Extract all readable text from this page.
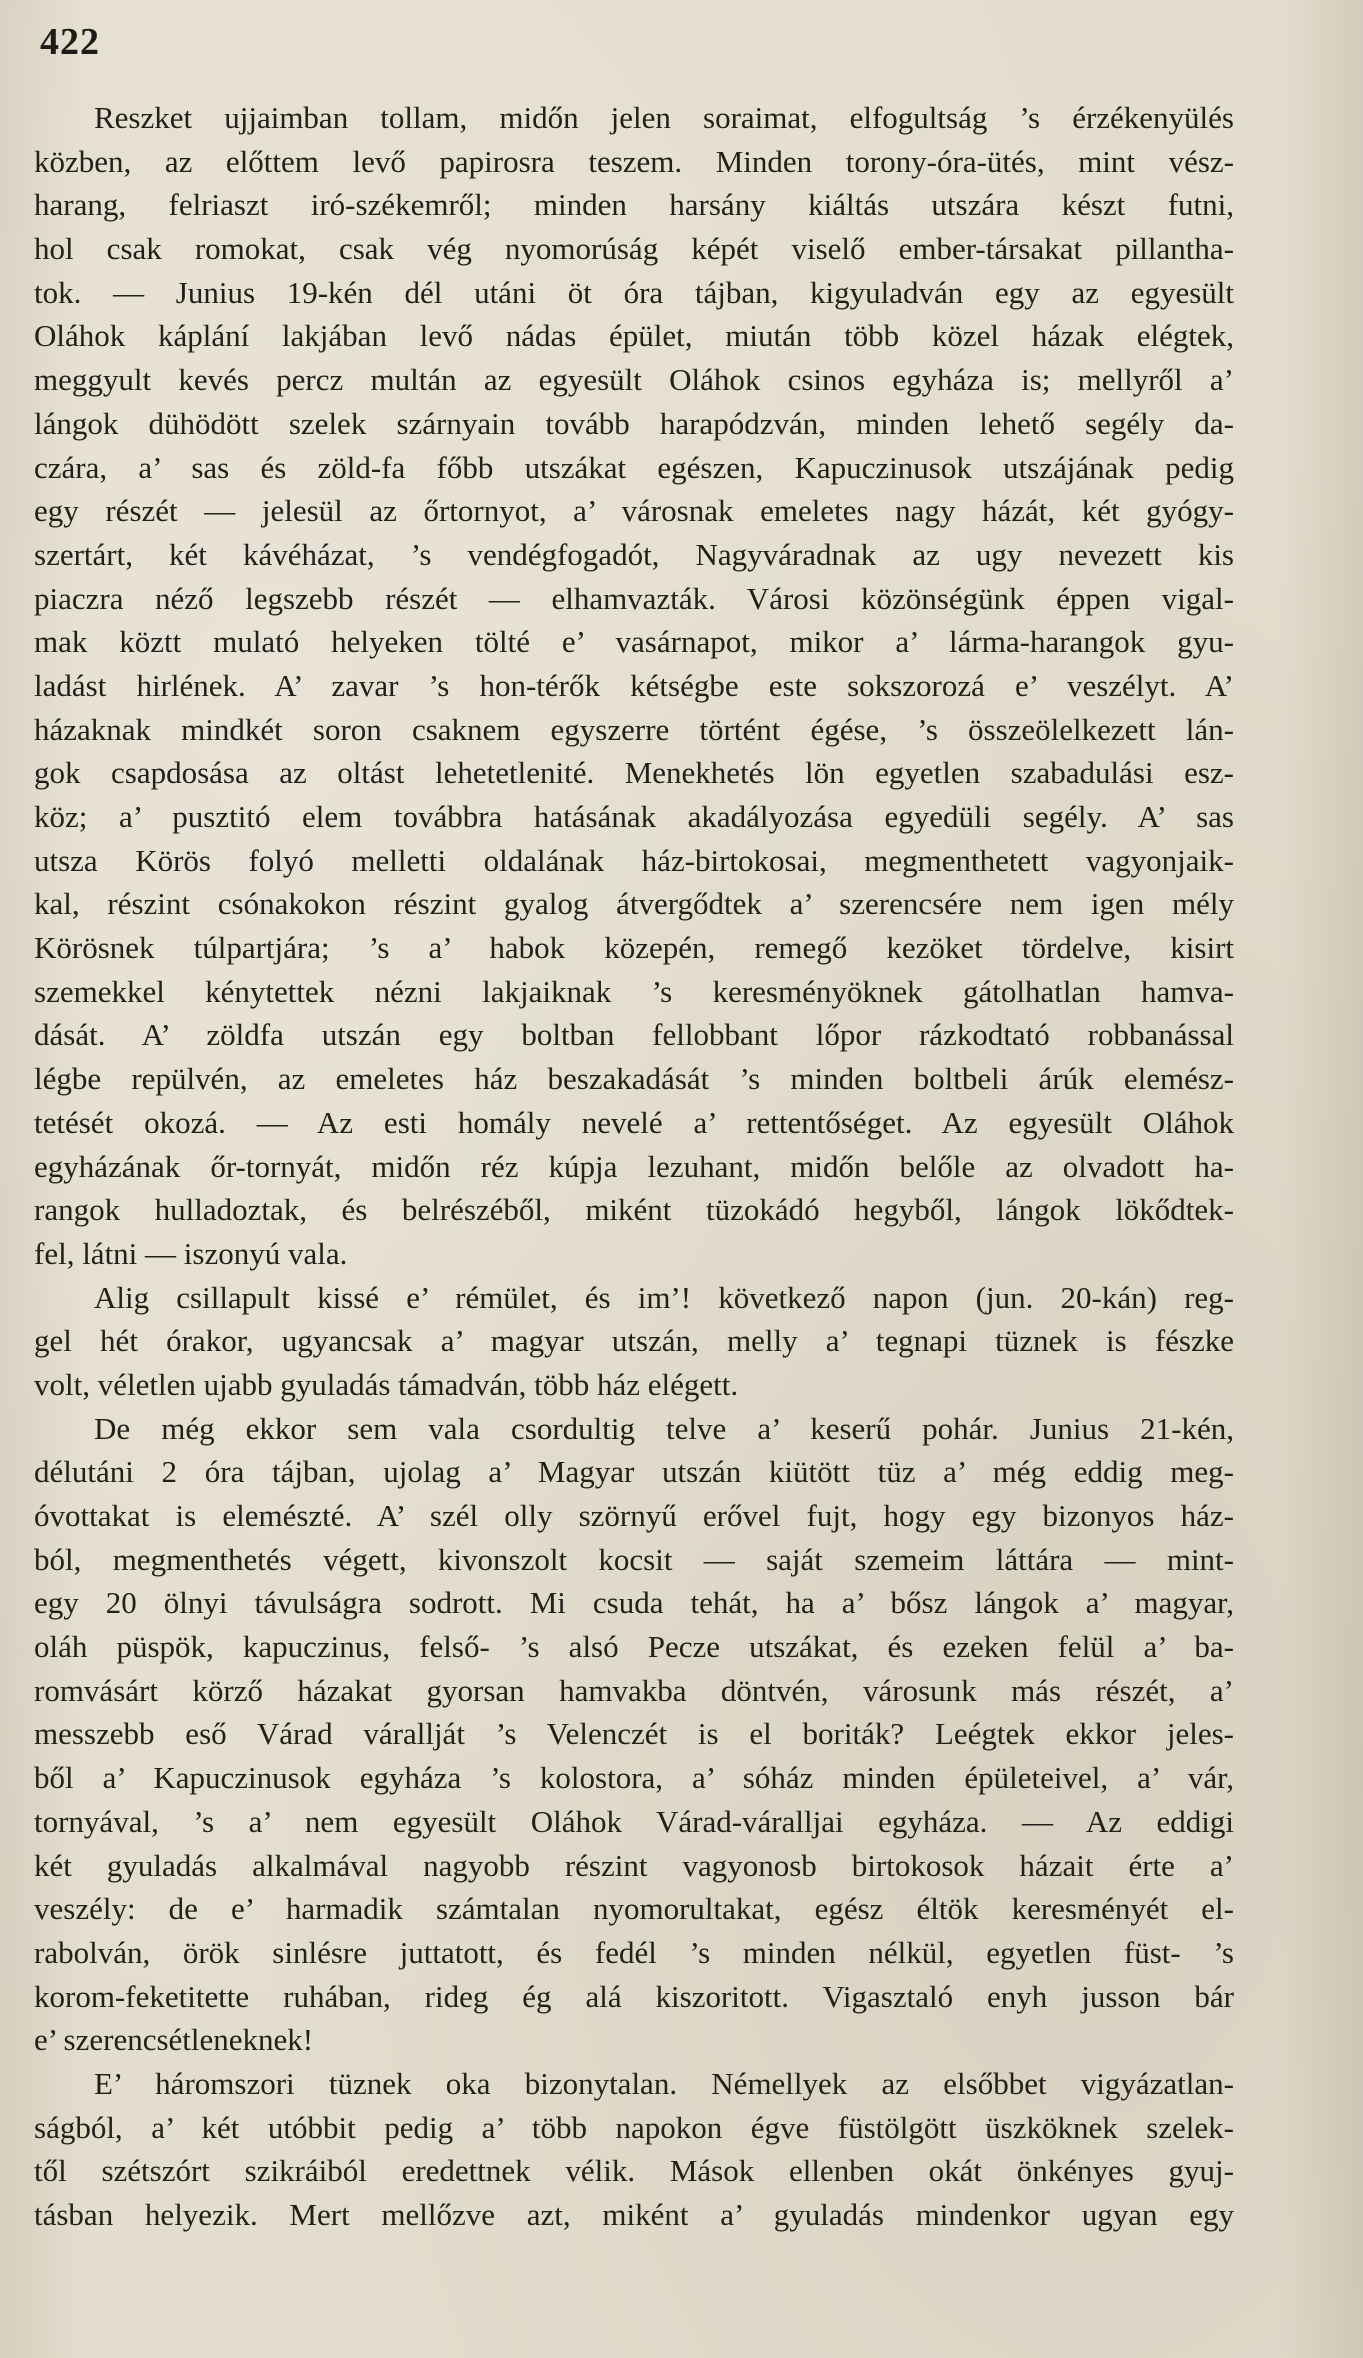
422
Reszket ujjaimban tollam, midőn jelen soraimat, elfogultság ’s érzékenyülés
közben, az előttem levő papirosra teszem. Minden torony-óra-ütés, mint vész-
harang, felriaszt iró-székemről; minden harsány kiáltás utszára készt futni,
hol csak romokat, csak vég nyomorúság képét viselő ember-társakat pillantha-
tok. — Junius 19-kén dél utáni öt óra tájban, kigyuladván egy az egyesült
Oláhok káplání lakjában levő nádas épület, miután több közel házak elégtek,
meggyult kevés percz multán az egyesült Oláhok csinos egyháza is; mellyről a’
lángok dühödött szelek szárnyain tovább harapódzván, minden lehető segély da-
czára, a’ sas és zöld-fa főbb utszákat egészen, Kapuczinusok utszájának pedig
egy részét — jelesül az őrtornyot, a’ városnak emeletes nagy házát, két gyógy-
szertárt, két kávéházat, ’s vendégfogadót, Nagyváradnak az ugy nevezett kis
piaczra néző legszebb részét — elhamvazták. Városi közönségünk éppen vigal-
mak köztt mulató helyeken tölté e’ vasárnapot, mikor a’ lárma-harangok gyu-
ladást hirlének. A’ zavar ’s hon-térők kétségbe este sokszorozá e’ veszélyt. A’
házaknak mindkét soron csaknem egyszerre történt égése, ’s összeölelkezett lán-
gok csapdosása az oltást lehetetlenité. Menekhetés lön egyetlen szabadulási esz-
köz; a’ pusztitó elem továbbra hatásának akadályozása egyedüli segély. A’ sas
utsza Körös folyó melletti oldalának ház-birtokosai, megmenthetett vagyonjaik-
kal, részint csónakokon részint gyalog átvergődtek a’ szerencsére nem igen mély
Körösnek túlpartjára; ’s a’ habok közepén, remegő kezöket tördelve, kisirt
szemekkel kénytettek nézni lakjaiknak ’s keresményöknek gátolhatlan hamva-
dását. A’ zöldfa utszán egy boltban fellobbant lőpor rázkodtató robbanással
légbe repülvén, az emeletes ház beszakadását ’s minden boltbeli árúk elemész-
tetését okozá. — Az esti homály nevelé a’ rettentőséget. Az egyesült Oláhok
egyházának őr-tornyát, midőn réz kúpja lezuhant, midőn belőle az olvadott ha-
rangok hulladoztak, és belrészéből, miként tüzokádó hegyből, lángok lökődtek-
fel, látni — iszonyú vala.
Alig csillapult kissé e’ rémület, és im’! következő napon (jun. 20-kán) reg-
gel hét órakor, ugyancsak a’ magyar utszán, melly a’ tegnapi tüznek is fészke
volt, véletlen ujabb gyuladás támadván, több ház elégett.
De még ekkor sem vala csordultig telve a’ keserű pohár. Junius 21-kén,
délutáni 2 óra tájban, ujolag a’ Magyar utszán kiütött tüz a’ még eddig meg-
óvottakat is elemészté. A’ szél olly szörnyű erővel fujt, hogy egy bizonyos ház-
ból, megmenthetés végett, kivonszolt kocsit — saját szemeim láttára — mint-
egy 20 ölnyi távulságra sodrott. Mi csuda tehát, ha a’ bősz lángok a’ magyar,
oláh püspök, kapuczinus, felső- ’s alsó Pecze utszákat, és ezeken felül a’ ba-
romvásárt körző házakat gyorsan hamvakba döntvén, városunk más részét, a’
messzebb eső Várad várallját ’s Velenczét is el boriták? Leégtek ekkor jeles-
ből a’ Kapuczinusok egyháza ’s kolostora, a’ sóház minden épületeivel, a’ vár,
tornyával, ’s a’ nem egyesült Oláhok Várad-váralljai egyháza. — Az eddigi
két gyuladás alkalmával nagyobb részint vagyonosb birtokosok házait érte a’
veszély: de e’ harmadik számtalan nyomorultakat, egész éltök keresményét el-
rabolván, örök sinlésre juttatott, és fedél ’s minden nélkül, egyetlen füst- ’s
korom-feketitette ruhában, rideg ég alá kiszoritott. Vigasztaló enyh jusson bár
e’ szerencsétleneknek!
E’ háromszori tüznek oka bizonytalan. Némellyek az elsőbbet vigyázatlan-
ságból, a’ két utóbbit pedig a’ több napokon égve füstölgött üszköknek szelek-
től szétszórt szikráiból eredettnek vélik. Mások ellenben okát önkényes gyuj-
tásban helyezik. Mert mellőzve azt, miként a’ gyuladás mindenkor ugyan egy
